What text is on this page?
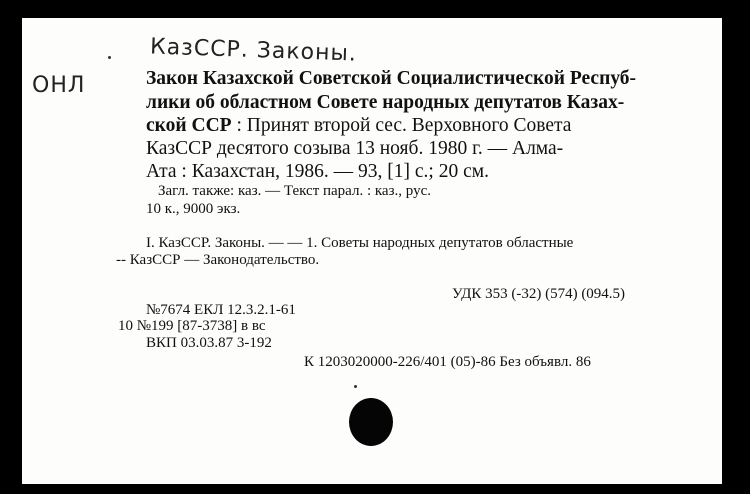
КазССР. Законы.
ОНЛ	Закон Казахской Советской Социалистической Респуб-
лики об областном Совете народных депутатов Казах-
ской ССР : Принят второй сес. Верховного Совета
КазССР десятого созыва 13 нояб. 1980 г. — Алма-
Ата : Казахстан, 1986. — 93, [1] с.; 20 см.
Загл. также: каз. — Текст парал. : каз., рус.
10 к., 9000 экз.
I. КазССР. Законы. — — 1. Советы народных депутатов областные
-- КазССР — Законодательство.
УДК 353 (-32) (574) (094.5)
№7674 ЕКЛ 12.3.2.1-61
10 №199 [87-3738] в вс
ВКП 03.03.87 3-192
К 1203020000-226/401 (05)-86 Без объявл. 86
